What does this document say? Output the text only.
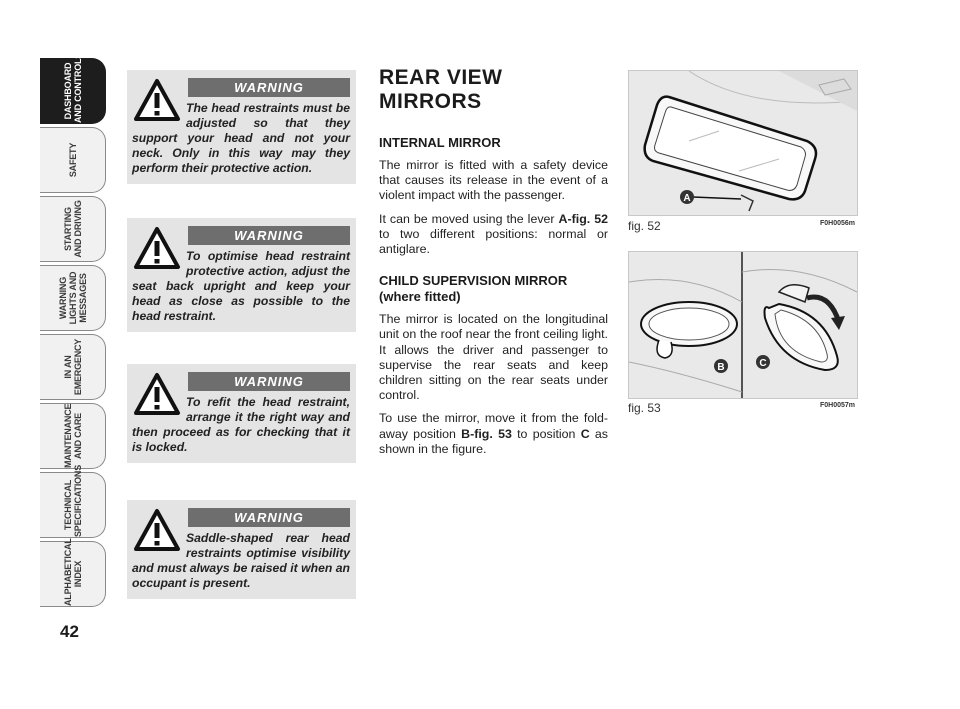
DASHBOARD
AND CONTROLS
SAFETY
STARTING
AND DRIVING
WARNING
LIGHTS AND
MESSAGES
IN AN
EMERGENCY
MAINTENANCE
AND CARE
TECHNICAL
SPECIFICATIONS
ALPHABETICAL
INDEX
42
WARNING
The head restraints must be adjusted so that they support your head and not your neck. Only in this way may they perform their protective action.
WARNING
To optimise head restraint protective action, adjust the seat back upright and keep your head as close as possible to the head restraint.
WARNING
To refit the head restraint, arrange it the right way and then proceed as for checking that it is locked.
WARNING
Saddle-shaped rear head restraints optimise visibility and must always be raised it when an occupant is present.
REAR VIEW MIRRORS
INTERNAL MIRROR

The mirror is fitted with a safety device that causes its release in the event of a violent impact with the passenger.

It can be moved using the lever A-fig. 52 to two different positions: normal or antiglare.

CHILD SUPERVISION MIRROR
(where fitted)

The mirror is located on the longitudinal unit on the roof near the front ceiling light. It allows the driver and passenger to supervise the rear seats and keep children sitting on the rear seats under control.

To use the mirror, move it from the fold-away position B-fig. 53 to position C as shown in the figure.

A
fig. 52	F0H0056m
B	C
fig. 53	F0H0057m
